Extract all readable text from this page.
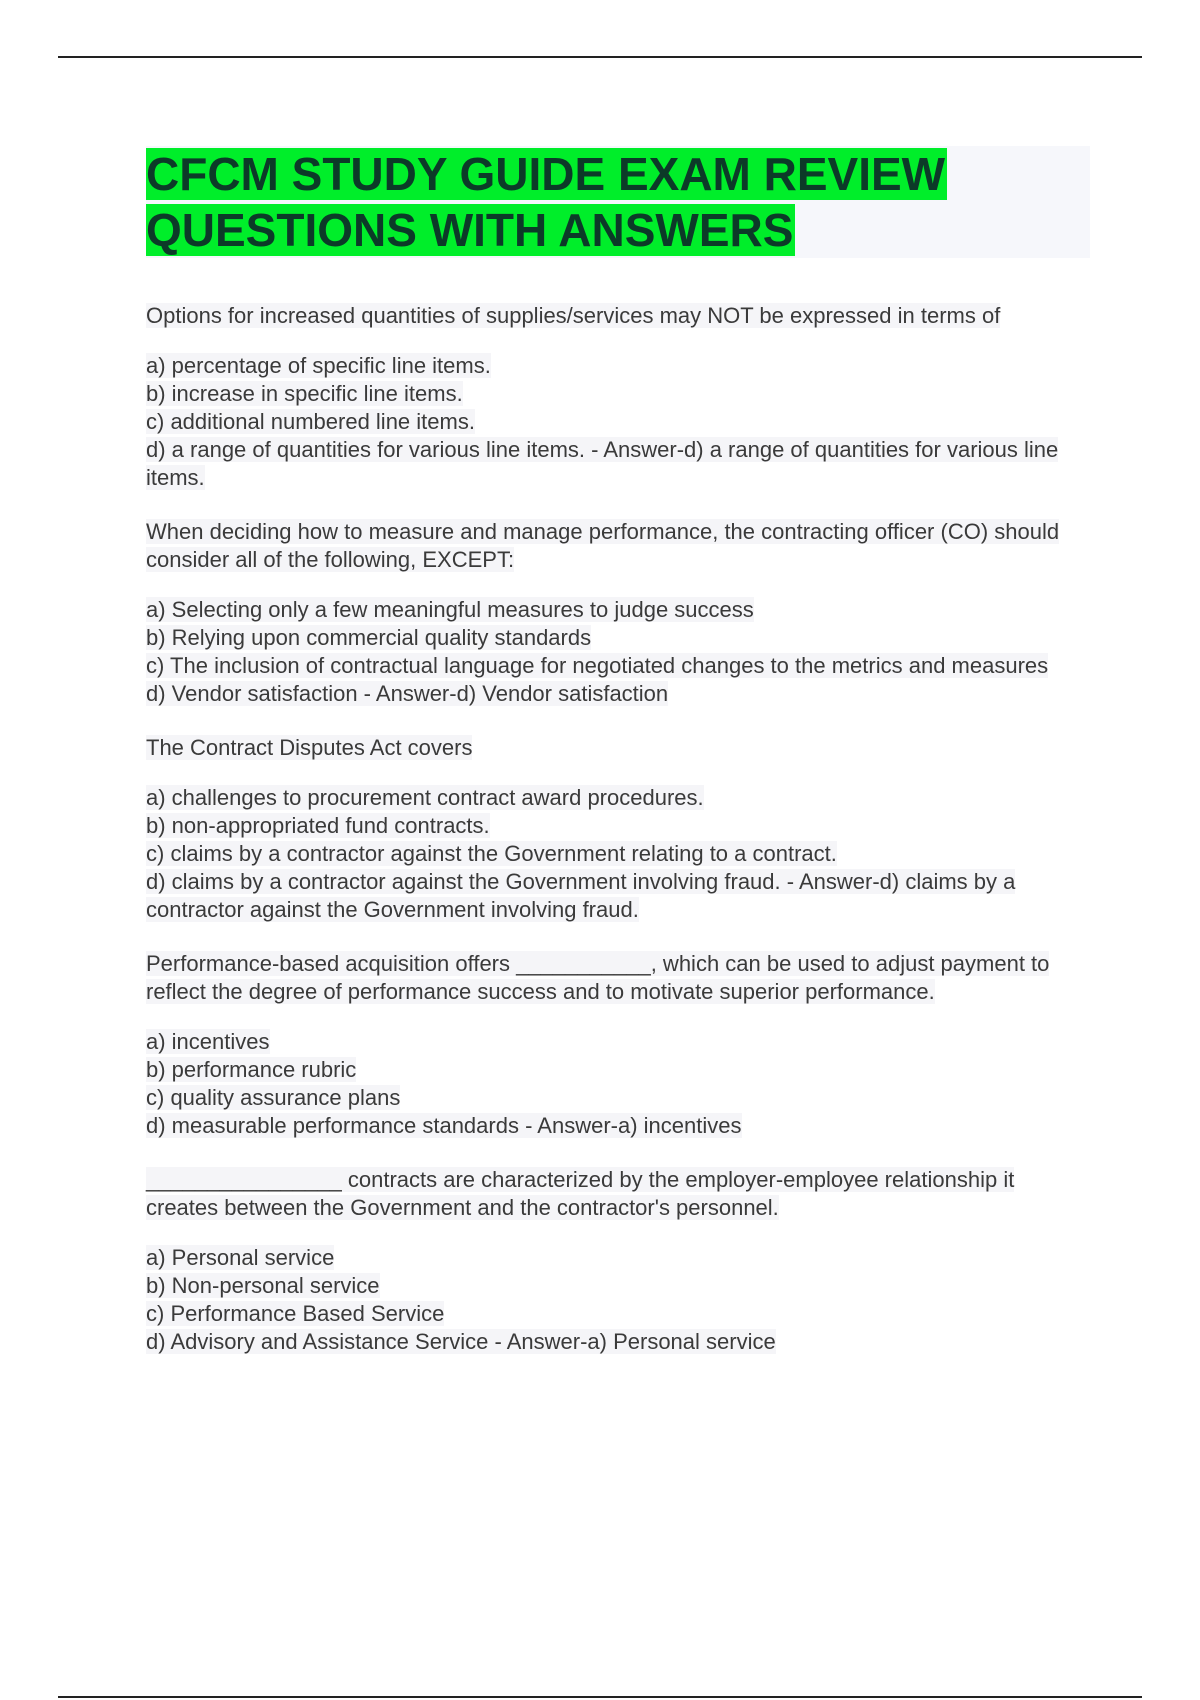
CFCM STUDY GUIDE EXAM REVIEW
QUESTIONS WITH ANSWERS

Options for increased quantities of supplies/services may NOT be expressed in terms of

a) percentage of specific line items.
b) increase in specific line items.
c) additional numbered line items.
d) a range of quantities for various line items. - Answer-d) a range of quantities for various line items.

When deciding how to measure and manage performance, the contracting officer (CO) should consider all of the following, EXCEPT:

a) Selecting only a few meaningful measures to judge success
b) Relying upon commercial quality standards
c) The inclusion of contractual language for negotiated changes to the metrics and measures
d) Vendor satisfaction - Answer-d) Vendor satisfaction

The Contract Disputes Act covers

a) challenges to procurement contract award procedures.
b) non-appropriated fund contracts.
c) claims by a contractor against the Government relating to a contract.
d) claims by a contractor against the Government involving fraud. - Answer-d) claims by a contractor against the Government involving fraud.

Performance-based acquisition offers ___________, which can be used to adjust payment to reflect the degree of performance success and to motivate superior performance.

a) incentives
b) performance rubric
c) quality assurance plans
d) measurable performance standards - Answer-a) incentives

________________ contracts are characterized by the employer-employee relationship it creates between the Government and the contractor's personnel.

a) Personal service
b) Non-personal service
c) Performance Based Service
d) Advisory and Assistance Service - Answer-a) Personal service
